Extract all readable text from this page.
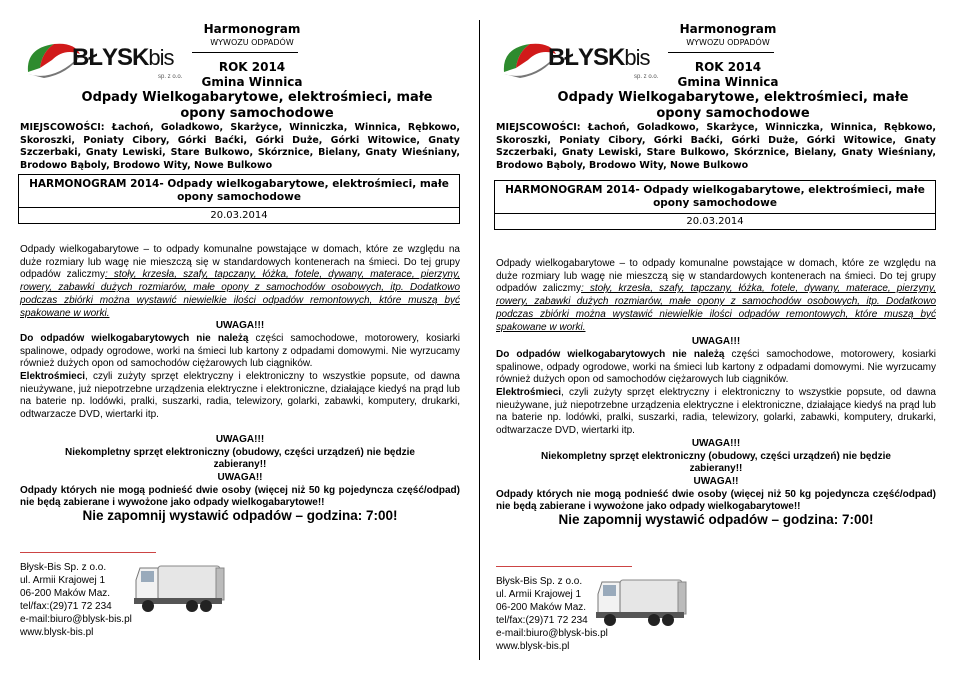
BŁYSKbis
sp. z o.o.
Harmonogram
WYWOZU ODPADÓW
ROK 2014
Gmina Winnica
Odpady Wielkogabarytowe, elektrośmieci, małe opony samochodowe
MIEJSCOWOŚCI: Łachoń, Goladkowo, Skarżyce, Winniczka, Winnica, Rębkowo, Skoroszki, Poniaty Cibory, Górki Baćki, Górki Duże, Górki Witowice, Gnaty Szczerbaki, Gnaty Lewiski, Stare Bulkowo, Skórznice, Bielany, Gnaty Wieśniany, Brodowo Bąboly, Brodowo Wity, Nowe Bulkowo
HARMONOGRAM 2014- Odpady wielkogabarytowe, elektrośmieci, małe opony samochodowe
20.03.2014

Odpady wielkogabarytowe – to odpady komunalne powstające w domach, które ze względu na duże rozmiary lub wagę nie mieszczą się w standardowych kontenerach na śmieci. Do tej grupy odpadów zaliczmy: stoły, krzesła, szafy, tapczany, łóżka, fotele, dywany, materace, pierzyny, rowery, zabawki dużych rozmiarów, małe opony z samochodów osobowych, itp. Dodatkowo podczas zbiórki można wystawić niewielkie ilości odpadów remontowych, które muszą być spakowane w worki.

UWAGA!!!

Do odpadów wielkogabarytowych nie należą części samochodowe, motorowery, kosiarki spalinowe, odpady ogrodowe, worki na śmieci lub kartony z odpadami domowymi. Nie wyrzucamy również dużych opon od samochodów ciężarowych lub ciągników.

Elektrośmieci, czyli zużyty sprzęt elektryczny i elektroniczny to wszystkie popsute, od dawna nieużywane, już niepotrzebne urządzenia elektryczne i elektroniczne, działające kiedyś na prąd lub na baterie np. lodówki, pralki, suszarki, radia, telewizory, golarki, zabawki, komputery, drukarki, odtwarzacze DVD, wiertarki itp.

UWAGA!!!

Niekompletny sprzęt elektroniczny (obudowy, części urządzeń) nie będzie zabierany!!

UWAGA!!

Odpady których nie mogą podnieść dwie osoby (więcej niż 50 kg pojedyncza część/odpad) nie będą zabierane i wywożone jako odpady wielkogabarytowe!!

Nie zapomnij wystawić odpadów – godzina: 7:00!

Błysk-Bis Sp. z o.o.
ul. Armii Krajowej 1
06-200 Maków Maz.
tel/fax:(29)71 72 234
e-mail:biuro@blysk-bis.pl
www.blysk-bis.pl
BŁYSKbis
sp. z o.o.
Harmonogram
WYWOZU ODPADÓW
ROK 2014
Gmina Winnica
Odpady Wielkogabarytowe, elektrośmieci, małe opony samochodowe
MIEJSCOWOŚCI: Łachoń, Goladkowo, Skarżyce, Winniczka, Winnica, Rębkowo, Skoroszki, Poniaty Cibory, Górki Baćki, Górki Duże, Górki Witowice, Gnaty Szczerbaki, Gnaty Lewiski, Stare Bulkowo, Skórznice, Bielany, Gnaty Wieśniany, Brodowo Bąboly, Brodowo Wity, Nowe Bulkowo
HARMONOGRAM 2014- Odpady wielkogabarytowe, elektrośmieci, małe opony samochodowe
20.03.2014

Odpady wielkogabarytowe – to odpady komunalne powstające w domach, które ze względu na duże rozmiary lub wagę nie mieszczą się w standardowych kontenerach na śmieci. Do tej grupy odpadów zaliczmy: stoły, krzesła, szafy, tapczany, łóżka, fotele, dywany, materace, pierzyny, rowery, zabawki dużych rozmiarów, małe opony z samochodów osobowych, itp. Dodatkowo podczas zbiórki można wystawić niewielkie ilości odpadów remontowych, które muszą być spakowane w worki.

UWAGA!!!

Do odpadów wielkogabarytowych nie należą części samochodowe, motorowery, kosiarki spalinowe, odpady ogrodowe, worki na śmieci lub kartony z odpadami domowymi. Nie wyrzucamy również dużych opon od samochodów ciężarowych lub ciągników.

Elektrośmieci, czyli zużyty sprzęt elektryczny i elektroniczny to wszystkie popsute, od dawna nieużywane, już niepotrzebne urządzenia elektryczne i elektroniczne, działające kiedyś na prąd lub na baterie np. lodówki, pralki, suszarki, radia, telewizory, golarki, zabawki, komputery, drukarki, odtwarzacze DVD, wiertarki itp.

UWAGA!!!

Niekompletny sprzęt elektroniczny (obudowy, części urządzeń) nie będzie zabierany!!

UWAGA!!

Odpady których nie mogą podnieść dwie osoby (więcej niż 50 kg pojedyncza część/odpad) nie będą zabierane i wywożone jako odpady wielkogabarytowe!!

Nie zapomnij wystawić odpadów – godzina: 7:00!

Błysk-Bis Sp. z o.o.
ul. Armii Krajowej 1
06-200 Maków Maz.
tel/fax:(29)71 72 234
e-mail:biuro@blysk-bis.pl
www.blysk-bis.pl
